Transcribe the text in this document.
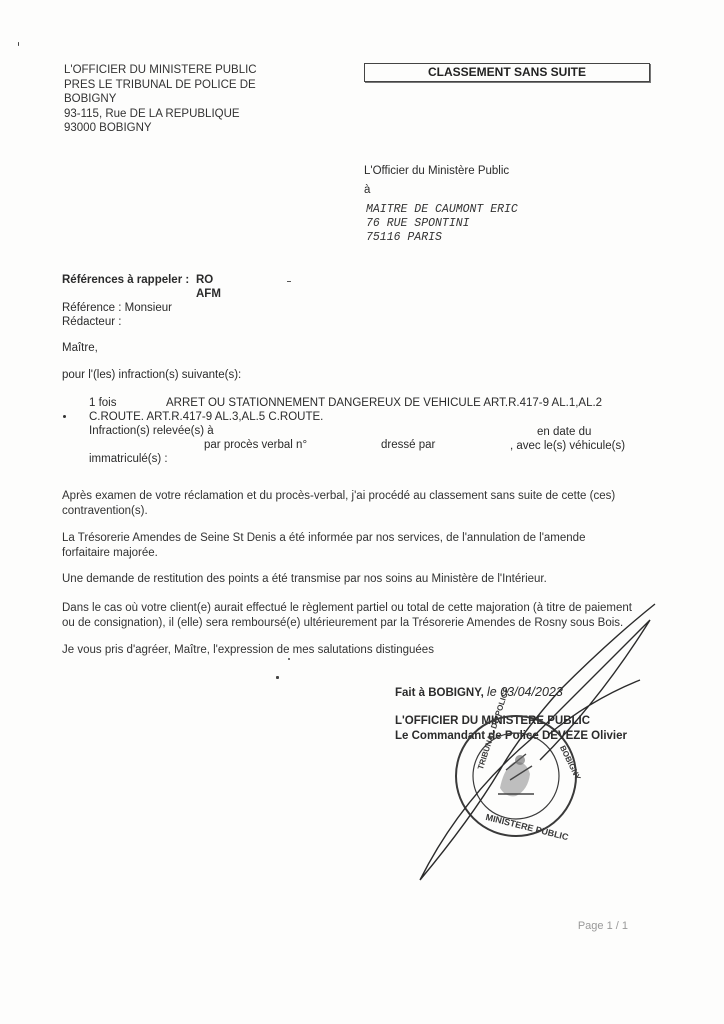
L'OFFICIER DU MINISTERE PUBLIC
PRES LE TRIBUNAL DE POLICE DE
BOBIGNY
93-115, Rue DE LA REPUBLIQUE
93000 BOBIGNY
CLASSEMENT SANS SUITE
L'Officier du Ministère Public
à
MAITRE DE CAUMONT ERIC
76 RUE SPONTINI
75116 PARIS
Références à rappeler : RO
AFM
Référence : Monsieur
Rédacteur :
Maître,
pour l'(les) infraction(s) suivante(s):
1 fois	ARRET OU STATIONNEMENT DANGEREUX DE VEHICULE ART.R.417-9 AL.1,AL.2
C.ROUTE. ART.R.417-9 AL.3,AL.5 C.ROUTE.
Infraction(s) relevée(s) à	en date du
par procès verbal n°	dressé par	, avec le(s) véhicule(s)
immatriculé(s) :
Après examen de votre réclamation et du procès-verbal, j'ai procédé au classement sans suite de cette (ces)
contravention(s).
La Trésorerie Amendes de Seine St Denis a été informée par nos services, de l'annulation de l'amende
forfaitaire majorée.
Une demande de restitution des points a été transmise par nos soins au Ministère de l'Intérieur.
Dans le cas où votre client(e) aurait effectué le règlement partiel ou total de cette majoration (à titre de paiement
ou de consignation), il (elle) sera remboursé(e) ultérieurement par la Trésorerie Amendes de Rosny sous Bois.
Je vous pris d'agréer, Maître, l'expression de mes salutations distinguées
Fait à BOBIGNY, le 03/04/2023
L'OFFICIER DU MINISTERE PUBLIC
Le Commandant de Police DEVEZE Olivier
TRIBUNAL DE POLICE	BOBIGNY
MINISTERE PUBLIC
Page 1 / 1
